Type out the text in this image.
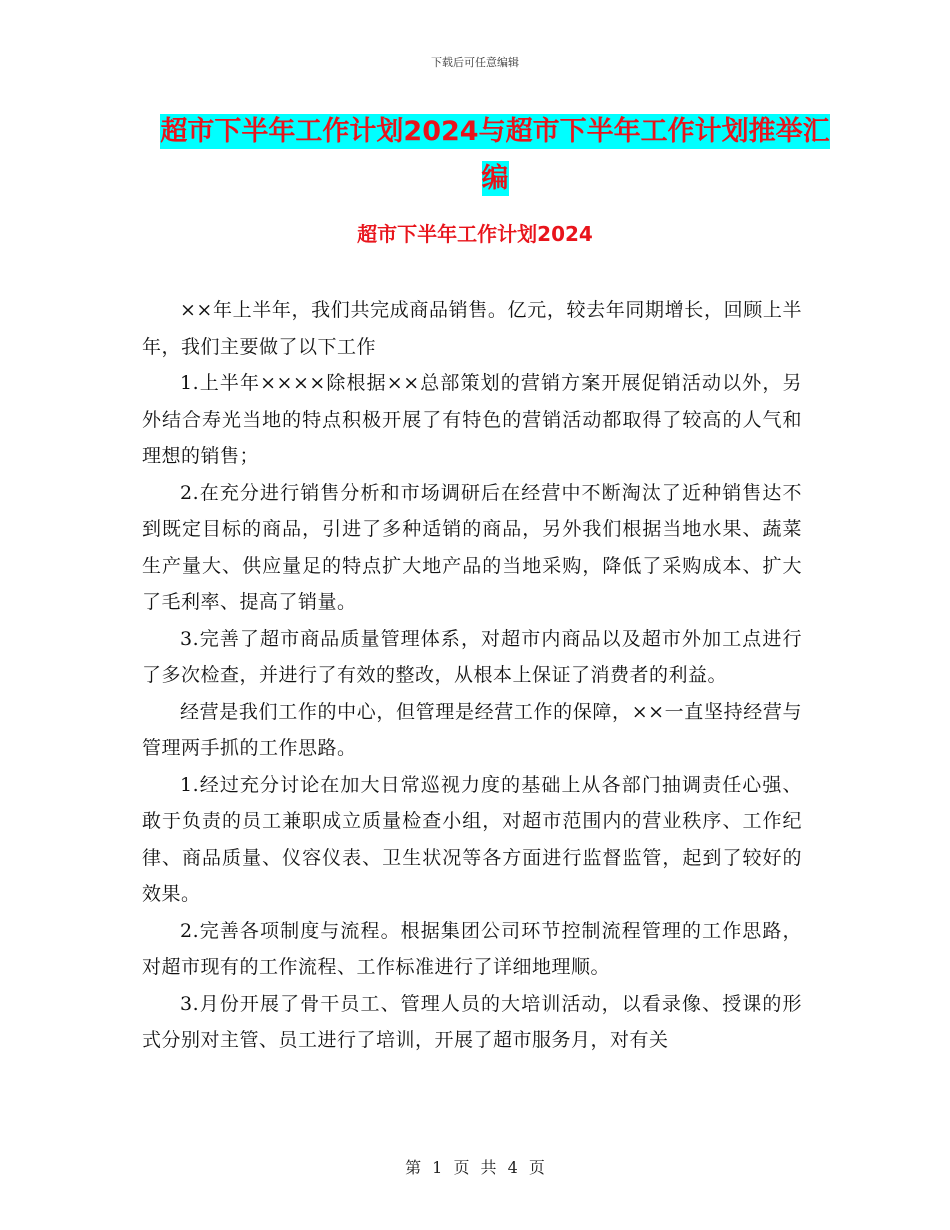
下载后可任意编辑
超市下半年工作计划2024与超市下半年工作计划推举汇编
超市下半年工作计划2024

××年上半年，我们共完成商品销售。亿元，较去年同期增长，回顾上半年，我们主要做了以下工作

1.上半年××××除根据××总部策划的营销方案开展促销活动以外，另外结合寿光当地的特点积极开展了有特色的营销活动都取得了较高的人气和理想的销售；

2.在充分进行销售分析和市场调研后在经营中不断淘汰了近种销售达不到既定目标的商品，引进了多种适销的商品，另外我们根据当地水果、蔬菜生产量大、供应量足的特点扩大地产品的当地采购，降低了采购成本、扩大了毛利率、提高了销量。

3.完善了超市商品质量管理体系，对超市内商品以及超市外加工点进行了多次检查，并进行了有效的整改，从根本上保证了消费者的利益。

经营是我们工作的中心，但管理是经营工作的保障，××一直坚持经营与管理两手抓的工作思路。

1.经过充分讨论在加大日常巡视力度的基础上从各部门抽调责任心强、敢于负责的员工兼职成立质量检查小组，对超市范围内的营业秩序、工作纪律、商品质量、仪容仪表、卫生状况等各方面进行监督监管，起到了较好的效果。

2.完善各项制度与流程。根据集团公司环节控制流程管理的工作思路，对超市现有的工作流程、工作标准进行了详细地理顺。

3.月份开展了骨干员工、管理人员的大培训活动，以看录像、授课的形式分别对主管、员工进行了培训，开展了超市服务月，对有关

第 1 页 共 4 页
